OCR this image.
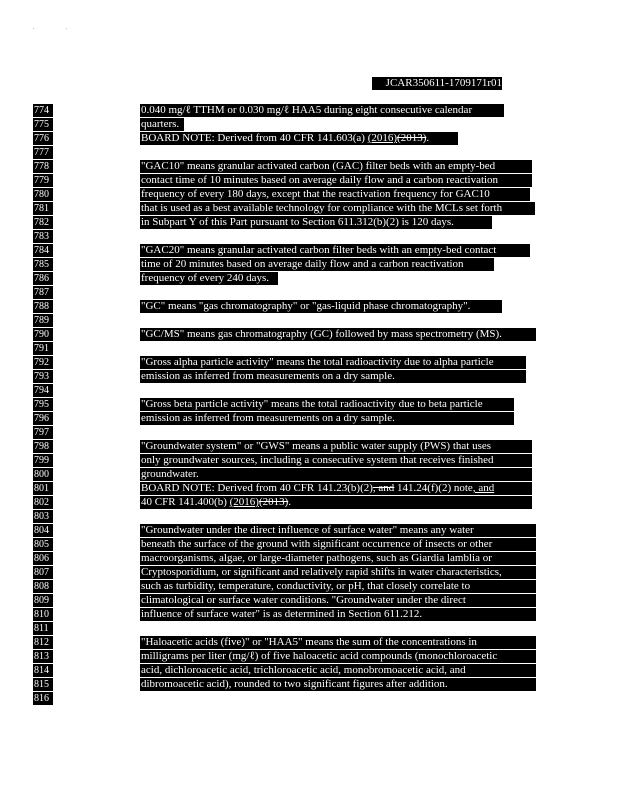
'	'
JCAR350611-1709171r01
774
775
776
777
778
779
780
781
782
783
784
785
786
787
788
789
790
791
792
793
794
795
796
797
798
799
800
801
802
803
804
805
806
807
808
809
810
811
812
813
814
815
816
0.040 mg/ℓ TTHM or 0.030 mg/ℓ HAA5 during eight consecutive calendar
quarters.
BOARD NOTE: Derived from 40 CFR 141.603(a) (2016)(2013).
"GAC10" means granular activated carbon (GAC) filter beds with an empty-bed
contact time of 10 minutes based on average daily flow and a carbon reactivation
frequency of every 180 days, except that the reactivation frequency for GAC10
that is used as a best available technology for compliance with the MCLs set forth
in Subpart Y of this Part pursuant to Section 611.312(b)(2) is 120 days.
"GAC20" means granular activated carbon filter beds with an empty-bed contact
time of 20 minutes based on average daily flow and a carbon reactivation
frequency of every 240 days.
"GC" means "gas chromatography" or "gas-liquid phase chromatography".
"GC/MS" means gas chromatography (GC) followed by mass spectrometry (MS).
"Gross alpha particle activity" means the total radioactivity due to alpha particle
emission as inferred from measurements on a dry sample.
"Gross beta particle activity" means the total radioactivity due to beta particle
emission as inferred from measurements on a dry sample.
"Groundwater system" or "GWS" means a public water supply (PWS) that uses
only groundwater sources, including a consecutive system that receives finished
groundwater.
BOARD NOTE: Derived from 40 CFR 141.23(b)(2), and 141.24(f)(2) note, and
40 CFR 141.400(b) (2016)(2013).
"Groundwater under the direct influence of surface water" means any water
beneath the surface of the ground with significant occurrence of insects or other
macroorganisms, algae, or large-diameter pathogens, such as Giardia lamblia or
Cryptosporidium, or significant and relatively rapid shifts in water characteristics,
such as turbidity, temperature, conductivity, or pH, that closely correlate to
climatological or surface water conditions. "Groundwater under the direct
influence of surface water" is as determined in Section 611.212.
"Haloacetic acids (five)" or "HAA5" means the sum of the concentrations in
milligrams per liter (mg/ℓ) of five haloacetic acid compounds (monochloroacetic
acid, dichloroacetic acid, trichloroacetic acid, monobromoacetic acid, and
dibromoacetic acid), rounded to two significant figures after addition.
